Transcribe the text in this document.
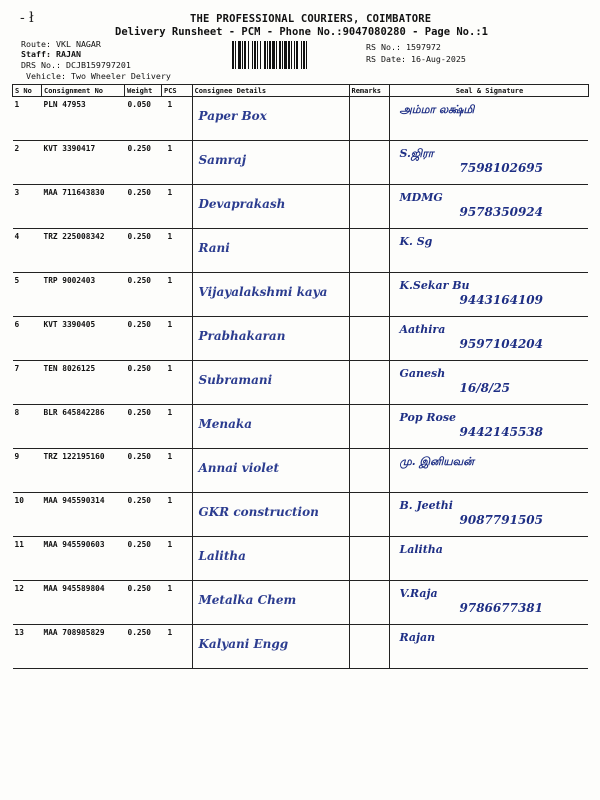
- ł	THE PROFESSIONAL COURIERS, COIMBATORE
Delivery Runsheet - PCM - Phone No.:9047080280 - Page No.:1
Route: VKL NAGAR
Staff: RAJAN
DRS No.: DCJB159797201
Vehicle: Two Wheeler Delivery
RS No.: 1597972
RS Date: 16-Aug-2025
S No	Consignment No	Weight	PCS	Consignee Details	Remarks	Seal & Signature
1	PLN 47953	0.050	1	Paper Box		அம்மா லக்ஷ்மி

2	KVT 3390417	0.250	1	Samraj		S.ஜிரா
7598102695

3	MAA 711643830	0.250	1	Devaprakash		MDMG
9578350924

4	TRZ 225008342	0.250	1	Rani		K. Sg

5	TRP 9002403	0.250	1	Vijayalakshmi kaya		K.Sekar Bu
9443164109

6	KVT 3390405	0.250	1	Prabhakaran		Aathira
9597104204

7	TEN 8026125	0.250	1	Subramani		Ganesh
16/8/25

8	BLR 645842286	0.250	1	Menaka		Pop Rose
9442145538

9	TRZ 122195160	0.250	1	Annai violet		மு. இனியவன்

10	MAA 945590314	0.250	1	GKR construction		B. Jeethi
9087791505

11	MAA 945590603	0.250	1	Lalitha		Lalitha

12	MAA 945589804	0.250	1	Metalka Chem		V.Raja
9786677381

13	MAA 708985829	0.250	1	Kalyani Engg		Rajan
